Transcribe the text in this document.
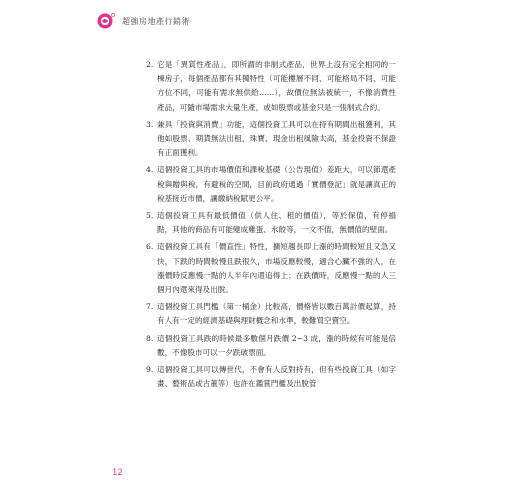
超強房地產行銷術
2. 它是「異質性產品」，即所謂的非制式產品，世界上沒有完全相同的一棟房子，每個產品都有其獨特性（可能樓層不同、可能格局不同、可能方位不同，可能有需求無供給……），故價位無法被統一，不像消費性產品，可隨市場需求大量生產，或如股票或基金只是一張制式合約。
3. 兼具「投資與消費」功能，這個投資工具可以在持有期間出租獲利，其他如股票、期貨無法出租，珠寶、現金出租風險太高，基金投資不保證有正面獲利。
4. 這個投資工具的市場價值和課稅基礎（公告現值）差距大，可以節還產稅與贈與稅，有避稅的空間，目前政府通過「實價登記」就是讓真正的稅基接近市價，讓繳納稅賦更公平。
5. 這個投資工具有最低價值（供人住、租的價值），等於保值，有停損點，其他的商品有可能變成雞蛋、水餃等，一文不值，無價值的壁面。
6. 這個投資工具有「價直性」特性，擴短趨長即上漲的時間較短且又急又快，下跌的時間較慢且跌很久，市場反應較慢，適合心臟不強的人，在漲價時反應慢一點的人半年內還追得上；在跌價時，反應慢一點的人三個月內還來得及出脫。
7. 這個投資工具門檻（第一桶金）比較高，價格皆以數百萬計價起算，持有人有一定的經濟基礎與理財概念和水準，較難買空賣空。
8. 這個投資工具跌的時候最多數個月跌價 2~3 成，漲的時候有可能是倍數，不像股市可以一夕跌破票面。
9. 這個投資工具可以傳世代，不會有人反對持有，但有些投資工具（如字畫、藝術品或古董等）也許在鑑賞門檻及出脫管
12
